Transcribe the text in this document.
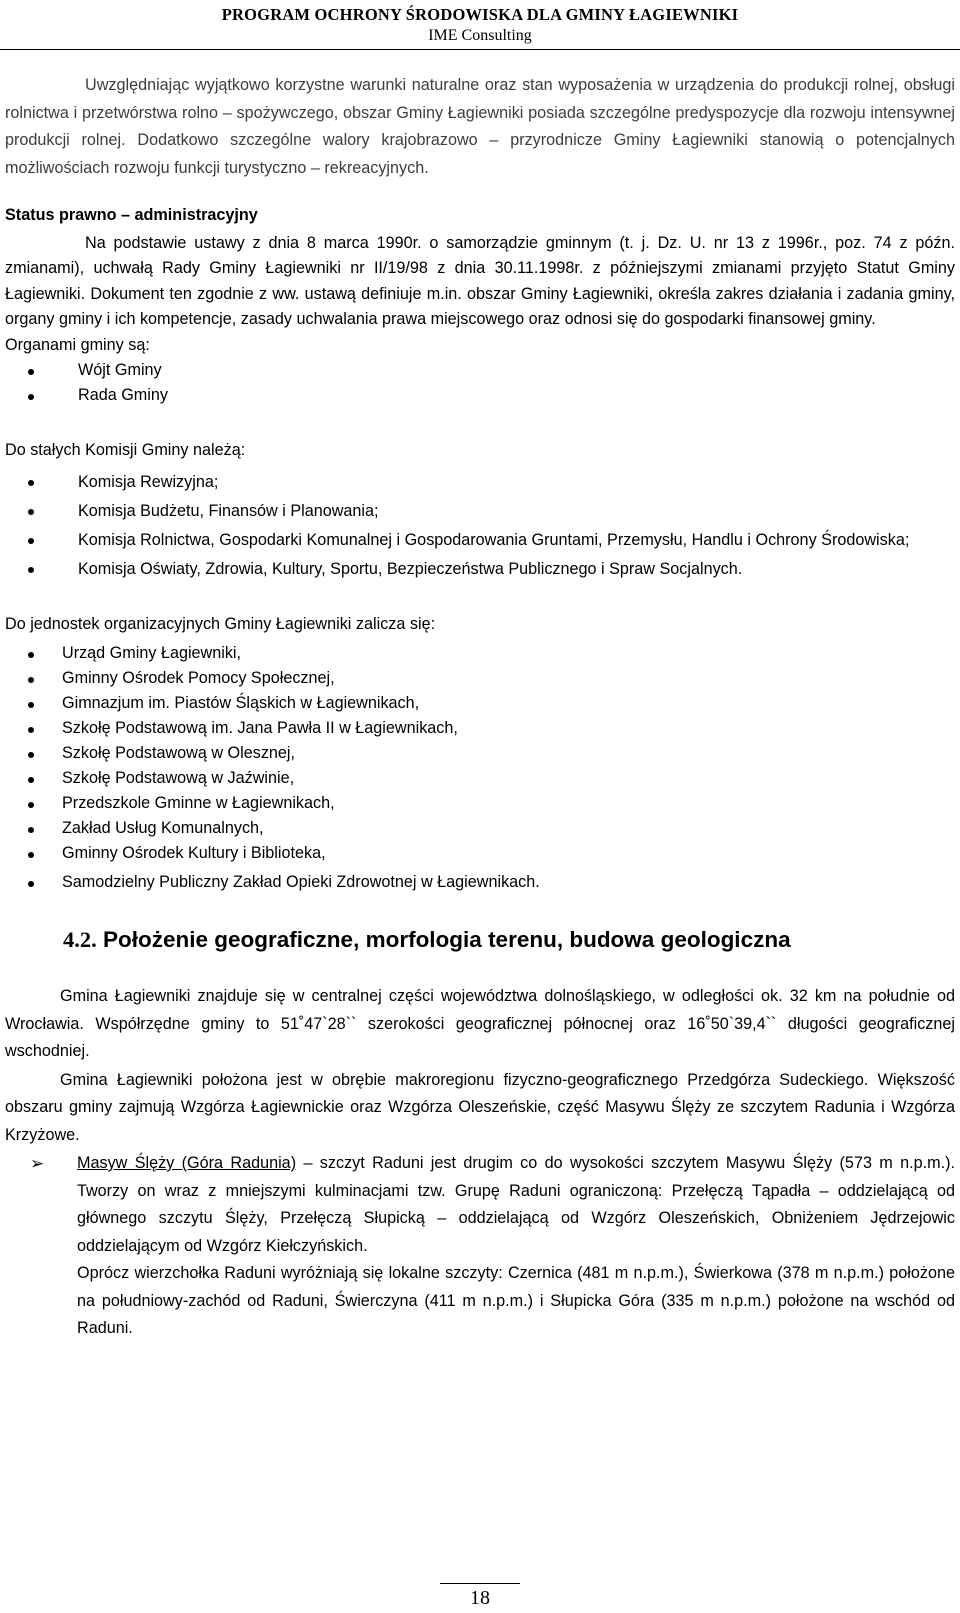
PROGRAM OCHRONY ŚRODOWISKA DLA GMINY ŁAGIEWNIKI
IME Consulting

Uwzględniając wyjątkowo korzystne warunki naturalne oraz stan wyposażenia w urządzenia do produkcji rolnej, obsługi rolnictwa i przetwórstwa rolno – spożywczego, obszar Gminy Łagiewniki posiada szczególne predyspozycje dla rozwoju intensywnej produkcji rolnej. Dodatkowo szczególne walory krajobrazowo – przyrodnicze Gminy Łagiewniki stanowią o potencjalnych możliwościach rozwoju funkcji turystyczno – rekreacyjnych.

Status prawno – administracyjny

Na podstawie ustawy z dnia 8 marca 1990r. o samorządzie gminnym (t. j. Dz. U. nr 13 z 1996r., poz. 74 z późn. zmianami), uchwałą Rady Gminy Łagiewniki nr II/19/98 z dnia 30.11.1998r. z późniejszymi zmianami przyjęto Statut Gminy Łagiewniki. Dokument ten zgodnie z ww. ustawą definiuje m.in. obszar Gminy Łagiewniki, określa zakres działania i zadania gminy, organy gminy i ich kompetencje, zasady uchwalania prawa miejscowego oraz odnosi się do gospodarki finansowej gminy.

Organami gminy są:

Wójt Gminy
Rada Gminy

Do stałych Komisji Gminy należą:

Komisja Rewizyjna;
Komisja Budżetu, Finansów i Planowania;
Komisja Rolnictwa, Gospodarki Komunalnej i Gospodarowania Gruntami, Przemysłu, Handlu i Ochrony Środowiska;
Komisja Oświaty, Zdrowia, Kultury, Sportu, Bezpieczeństwa Publicznego i Spraw Socjalnych.

Do jednostek organizacyjnych Gminy Łagiewniki zalicza się:

Urząd Gminy Łagiewniki,
Gminny Ośrodek Pomocy Społecznej,
Gimnazjum im. Piastów Śląskich w Łagiewnikach,
Szkołę Podstawową im. Jana Pawła II w Łagiewnikach,
Szkołę Podstawową w Olesznej,
Szkołę Podstawową w Jaźwinie,
Przedszkole Gminne w Łagiewnikach,
Zakład Usług Komunalnych,
Gminny Ośrodek Kultury i Biblioteka,
Samodzielny Publiczny Zakład Opieki Zdrowotnej w Łagiewnikach.
4.2. Położenie geograficzne, morfologia terenu, budowa geologiczna

Gmina Łagiewniki znajduje się w centralnej części województwa dolnośląskiego, w odległości ok. 32 km na południe od Wrocławia. Współrzędne gminy to 51˚47`28`` szerokości geograficznej północnej oraz 16˚50`39,4`` długości geograficznej wschodniej.

Gmina Łagiewniki położona jest w obrębie makroregionu fizyczno-geograficznego Przedgórza Sudeckiego. Większość obszaru gminy zajmują Wzgórza Łagiewnickie oraz Wzgórza Oleszeńskie, część Masywu Ślęży ze szczytem Radunia i Wzgórza Krzyżowe.

➢ Masyw Ślęży (Góra Radunia) – szczyt Raduni jest drugim co do wysokości szczytem Masywu Ślęży (573 m n.p.m.). Tworzy on wraz z mniejszymi kulminacjami tzw. Grupę Raduni ograniczoną: Przełęczą Tąpadła – oddzielającą od głównego szczytu Ślęży, Przełęczą Słupicką – oddzielającą od Wzgórz Oleszeńskich, Obniżeniem Jędrzejowic oddzielającym od Wzgórz Kiełczyńskich.

Oprócz wierzchołka Raduni wyróżniają się lokalne szczyty: Czernica (481 m n.p.m.), Świerkowa (378 m n.p.m.) położone na południowy-zachód od Raduni, Świerczyna (411 m n.p.m.) i Słupicka Góra (335 m n.p.m.) położone na wschód od Raduni.

18
